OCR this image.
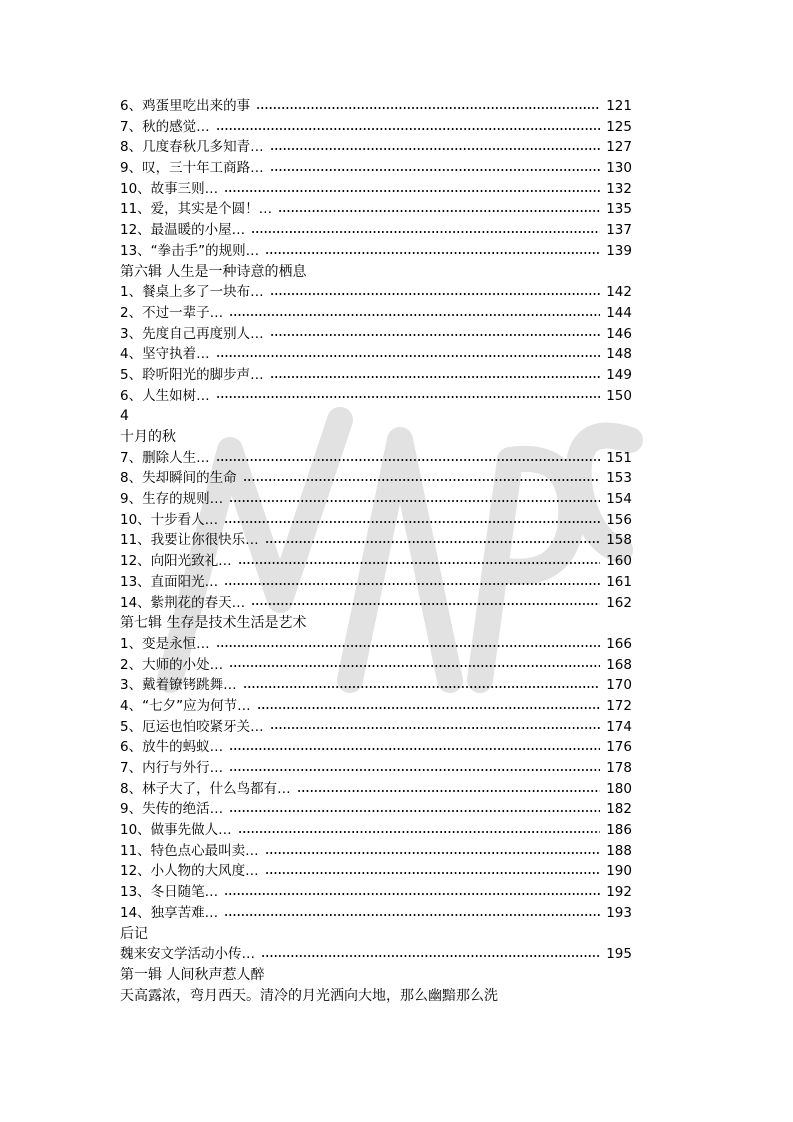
6、鸡蛋里吃出来的事	121
7、秋的感觉…	125
8、几度春秋几多知青…	127
9、叹，三十年工商路…	130
10、故事三则…	132
11、爱，其实是个圆！…	135
12、最温暖的小屋…	137
13、“拳击手”的规则…	139
第六辑 人生是一种诗意的栖息
1、餐桌上多了一块布…	142
2、不过一辈子…	144
3、先度自己再度别人…	146
4、坚守执着…	148
5、聆听阳光的脚步声…	149
6、人生如树…	150
4
十月的秋
7、删除人生…	151
8、失却瞬间的生命	153
9、生存的规则…	154
10、十步看人…	156
11、我要让你很快乐…	158
12、向阳光致礼…	160
13、直面阳光…	161
14、紫荆花的春天…	162
第七辑 生存是技术生活是艺术
1、变是永恒…	166
2、大师的小处…	168
3、戴着镣铐跳舞…	170
4、“七夕”应为何节…	172
5、厄运也怕咬紧牙关…	174
6、放牛的蚂蚁…	176
7、内行与外行…	178
8、林子大了，什么鸟都有…	180
9、失传的绝活…	182
10、做事先做人…	186
11、特色点心最叫卖…	188
12、小人物的大风度…	190
13、冬日随笔…	192
14、独享苦难…	193
后记
魏来安文学活动小传…	195
第一辑 人间秋声惹人醉
天高露浓，弯月西天。清冷的月光洒向大地，那么幽黯那么洗
